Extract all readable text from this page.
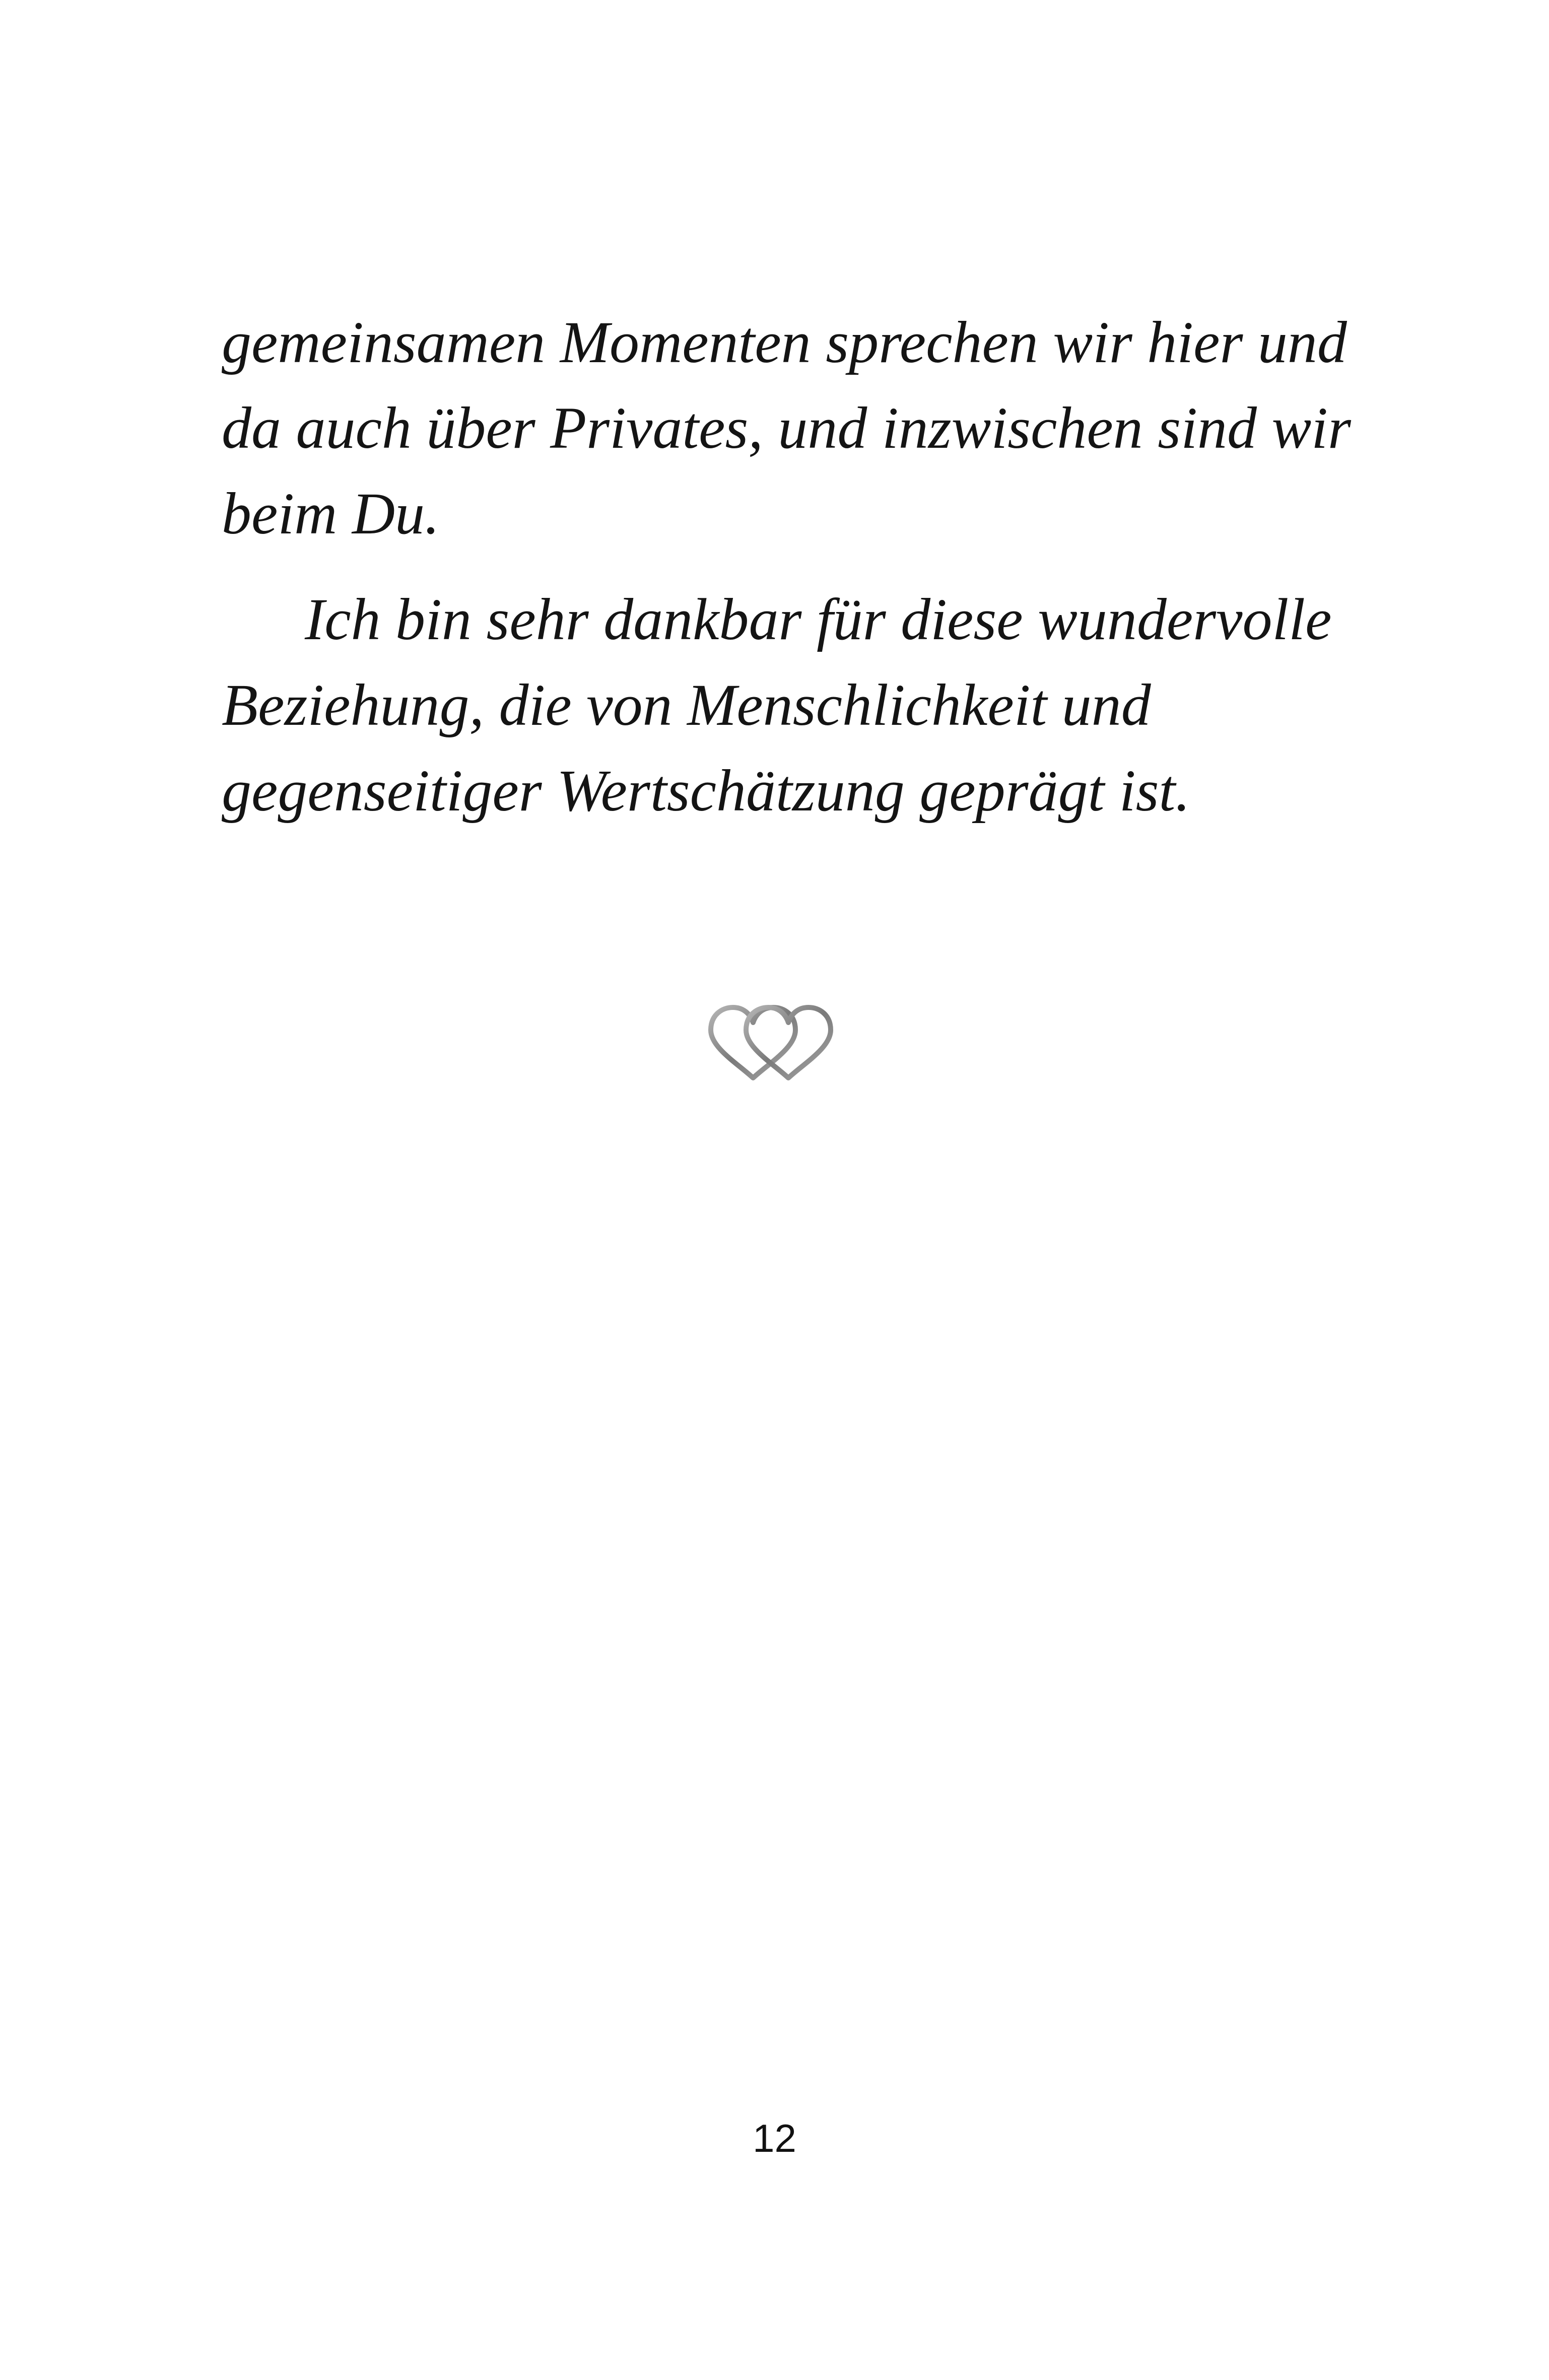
gemeinsamen Momenten sprechen wir hier und
da auch über Privates, und inzwischen sind wir
beim Du.
Ich bin sehr dankbar für diese wundervolle
Beziehung, die von Menschlichkeit und
gegenseitiger Wertschätzung geprägt ist.
12
